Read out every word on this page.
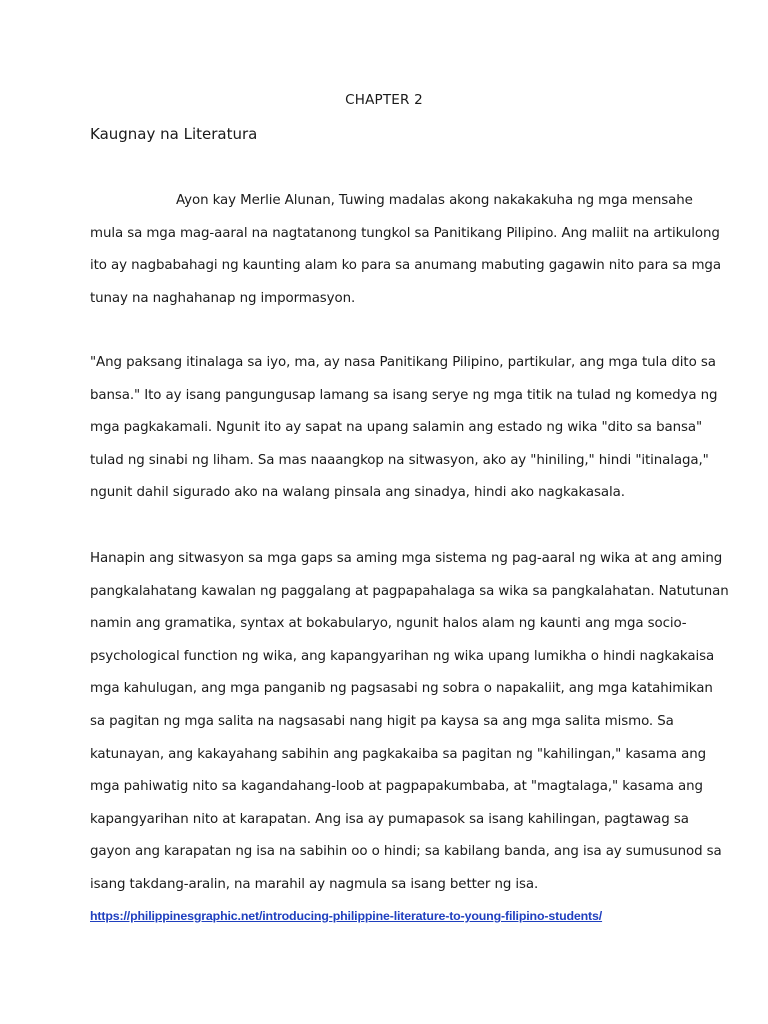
CHAPTER 2
Kaugnay na Literatura
Ayon kay Merlie Alunan, Tuwing madalas akong nakakakuha ng mga mensahe
mula sa mga mag-aaral na nagtatanong tungkol sa Panitikang Pilipino. Ang maliit na artikulong
ito ay nagbabahagi ng kaunting alam ko para sa anumang mabuting gagawin nito para sa mga
tunay na naghahanap ng impormasyon.
"Ang paksang itinalaga sa iyo, ma, ay nasa Panitikang Pilipino, partikular, ang mga tula dito sa
bansa." Ito ay isang pangungusap lamang sa isang serye ng mga titik na tulad ng komedya ng
mga pagkakamali. Ngunit ito ay sapat na upang salamin ang estado ng wika "dito sa bansa"
tulad ng sinabi ng liham. Sa mas naaangkop na sitwasyon, ako ay "hiniling," hindi "itinalaga,"
ngunit dahil sigurado ako na walang pinsala ang sinadya, hindi ako nagkakasala.
Hanapin ang sitwasyon sa mga gaps sa aming mga sistema ng pag-aaral ng wika at ang aming
pangkalahatang kawalan ng paggalang at pagpapahalaga sa wika sa pangkalahatan. Natutunan
namin ang gramatika, syntax at bokabularyo, ngunit halos alam ng kaunti ang mga socio-
psychological function ng wika, ang kapangyarihan ng wika upang lumikha o hindi nagkakaisa
mga kahulugan, ang mga panganib ng pagsasabi ng sobra o napakaliit, ang mga katahimikan
sa pagitan ng mga salita na nagsasabi nang higit pa kaysa sa ang mga salita mismo. Sa
katunayan, ang kakayahang sabihin ang pagkakaiba sa pagitan ng "kahilingan," kasama ang
mga pahiwatig nito sa kagandahang-loob at pagpapakumbaba, at "magtalaga," kasama ang
kapangyarihan nito at karapatan. Ang isa ay pumapasok sa isang kahilingan, pagtawag sa
gayon ang karapatan ng isa na sabihin oo o hindi; sa kabilang banda, ang isa ay sumusunod sa
isang takdang-aralin, na marahil ay nagmula sa isang better ng isa.
https://philippinesgraphic.net/introducing-philippine-literature-to-young-filipino-students/
